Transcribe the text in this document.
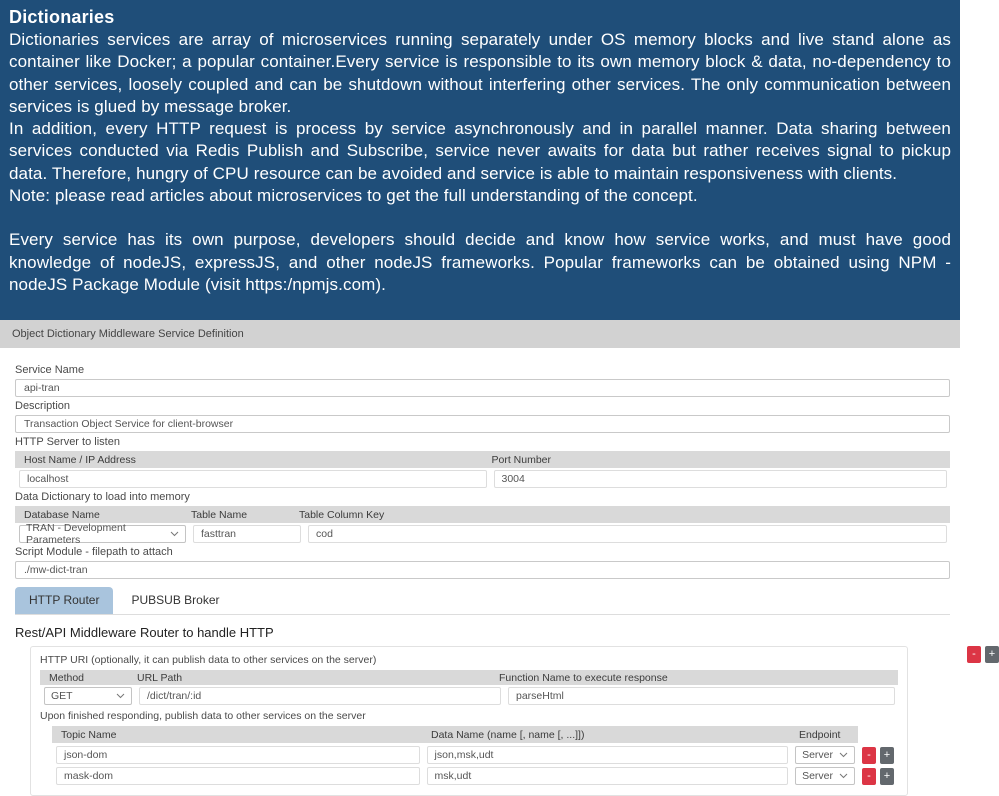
Dictionaries

Dictionaries services are array of microservices running separately under OS memory blocks and live stand alone as container like Docker; a popular container.Every service is responsible to its own memory block & data, no-dependency to other services, loosely coupled and can be shutdown without interfering other services. The only communication between services is glued by message broker.

In addition, every HTTP request is process by service asynchronously and in parallel manner. Data sharing between services conducted via Redis Publish and Subscribe, service never awaits for data but rather receives signal to pickup data. Therefore, hungry of CPU resource can be avoided and service is able to maintain responsiveness with clients.

Note: please read articles about microservices to get the full understanding of the concept.

Every service has its own purpose, developers should decide and know how service works, and must have good knowledge of nodeJS, expressJS, and other nodeJS frameworks. Popular frameworks can be obtained using NPM - nodeJS Package Module (visit https:/npmjs.com).

Object Dictionary Middleware Service Definition
Service Name
api-tran
Description
Transaction Object Service for client-browser
HTTP Server to listen
Host Name / IP Address	Port Number
localhost	3004
Data Dictionary to load into memory
Database Name	Table Name	Table Column Key
TRAN - Development Parameters	fasttran	cod
Script Module - filepath to attach
./mw-dict-tran
HTTP Router	PUBSUB Broker
Rest/API Middleware Router to handle HTTP
HTTP URI (optionally, it can publish data to other services on the server)
Method	URL Path	Function Name to execute response
GET	/dict/tran/:id	parseHtml
Upon finished responding, publish data to other services on the server
Topic Name	Data Name (name [, name [, ...]])	Endpoint
json-dom	json,msk,udt	Server	-	+
mask-dom	msk,udt	Server	-	+
-	+
